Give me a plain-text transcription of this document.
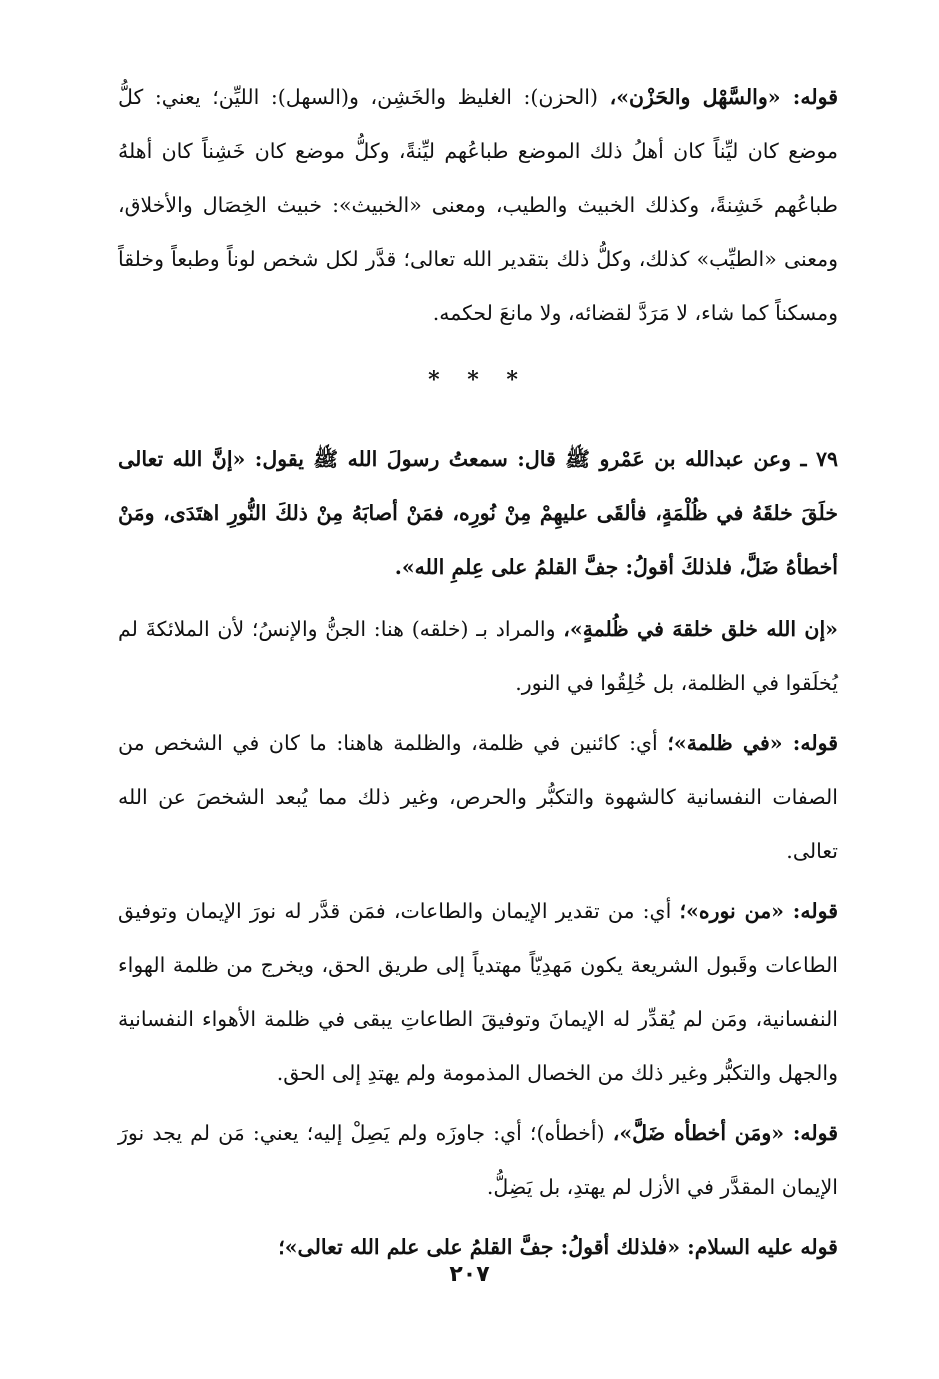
قوله: «والسَّهْل والحَزْن»، (الحزن): الغليظ والخَشِن، و(السهل): الليِّن؛ يعني: كلُّ موضع كان ليِّناً كان أهلُ ذلك الموضع طباعُهم ليِّنةً، وكلُّ موضع كان خَشِناً كان أهلهُ طباعُهم خَشِنةً، وكذلك الخبيث والطيب، ومعنى «الخبيث»: خبيث الخِصَال والأخلاق، ومعنى «الطيِّب» كذلك، وكلُّ ذلك بتقدير الله تعالى؛ قدَّر لكل شخص لوناً وطبعاً وخلقاً ومسكناً كما شاء، لا مَرَدَّ لقضائه، ولا مانعَ لحكمه.

* * *

٧٩ ـ وعن عبدالله بن عَمْرو ﷺ قال: سمعتُ رسولَ الله ﷺ يقول: «إنَّ الله تعالى خلَقَ خلقَهُ في ظُلْمَةٍ، فألقَى عليهِمْ مِنْ نُورِه، فمَنْ أصابَهُ مِنْ ذلكَ النُّورِ اهتَدَى، ومَنْ أخطأهُ ضَلَّ، فلذلكَ أقولُ: جفَّ القلمُ على عِلمِ الله».

«إن الله خلق خلقهَ في ظُلمةٍ»، والمراد بـ (خلقه) هنا: الجنُّ والإنسُ؛ لأن الملائكةَ لم يُخلَقوا في الظلمة، بل خُلِقُوا في النور.

قوله: «في ظلمة»؛ أي: كائنين في ظلمة، والظلمة هاهنا: ما كان في الشخص من الصفات النفسانية كالشهوة والتكبُّر والحرص، وغير ذلك مما يُبعد الشخصَ عن الله تعالى.

قوله: «من نوره»؛ أي: من تقدير الإيمان والطاعات، فمَن قدَّر له نورَ الإيمان وتوفيق الطاعات وقَبول الشريعة يكون مَهدِيّاً مهتدياً إلى طريق الحق، ويخرج من ظلمة الهواء النفسانية، ومَن لم يُقدِّر له الإيمانَ وتوفيقَ الطاعاتِ يبقى في ظلمة الأهواء النفسانية والجهل والتكبُّر وغير ذلك من الخصال المذمومة ولم يهتدِ إلى الحق.

قوله: «ومَن أخطأه ضَلَّ»، (أخطأه)؛ أي: جاوزَه ولم يَصِلْ إليه؛ يعني: مَن لم يجد نورَ الإيمان المقدَّر في الأزل لم يهتدِ، بل يَضِلُّ.

قوله عليه السلام: «فلذلك أقولُ: جفَّ القلمُ على علم الله تعالى»؛

٢٠٧
